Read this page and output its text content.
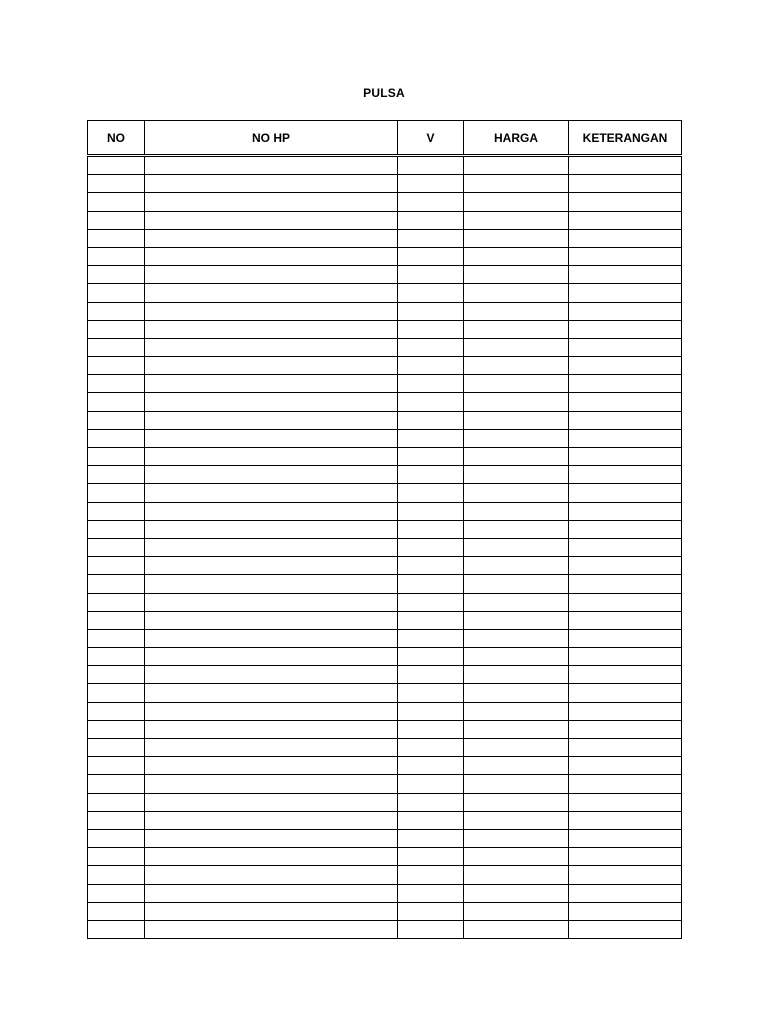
PULSA
NO	NO HP	V	HARGA	KETERANGAN
